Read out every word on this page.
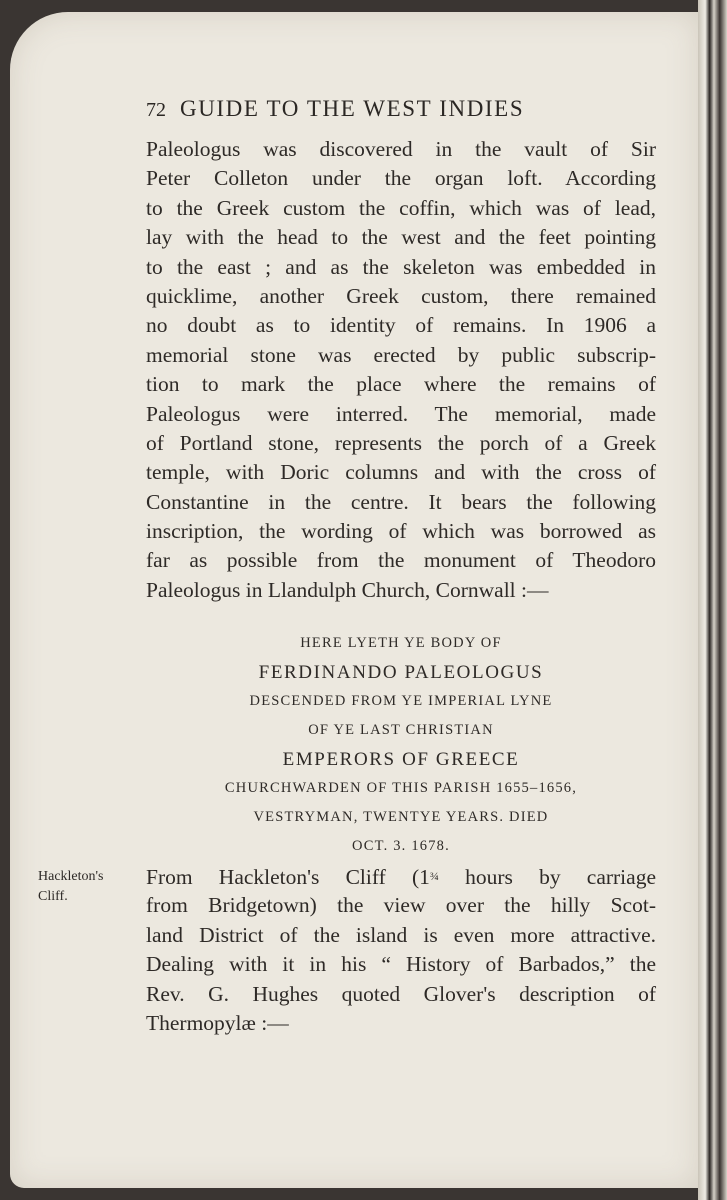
72 GUIDE TO THE WEST INDIES
Paleologus was discovered in the vault of Sir
Peter Colleton under the organ loft. According
to the Greek custom the coffin, which was of lead,
lay with the head to the west and the feet pointing
to the east ; and as the skeleton was embedded in
quicklime, another Greek custom, there remained
no doubt as to identity of remains. In 1906 a
memorial stone was erected by public subscrip-
tion to mark the place where the remains of
Paleologus were interred. The memorial, made
of Portland stone, represents the porch of a Greek
temple, with Doric columns and with the cross of
Constantine in the centre. It bears the following
inscription, the wording of which was borrowed as
far as possible from the monument of Theodoro
Paleologus in Llandulph Church, Cornwall :—
HERE LYETH YE BODY OF
FERDINANDO PALEOLOGUS
DESCENDED FROM YE IMPERIAL LYNE
OF YE LAST CHRISTIAN
EMPERORS OF GREECE
CHURCHWARDEN OF THIS PARISH 1655–1656,
VESTRYMAN, TWENTYE YEARS. DIED
OCT. 3. 1678.
Hackleton's
Cliff.
From Hackleton's Cliff (1¾ hours by carriage
from Bridgetown) the view over the hilly Scot-
land District of the island is even more attractive.
Dealing with it in his “ History of Barbados,” the
Rev. G. Hughes quoted Glover's description of
Thermopylæ :—
